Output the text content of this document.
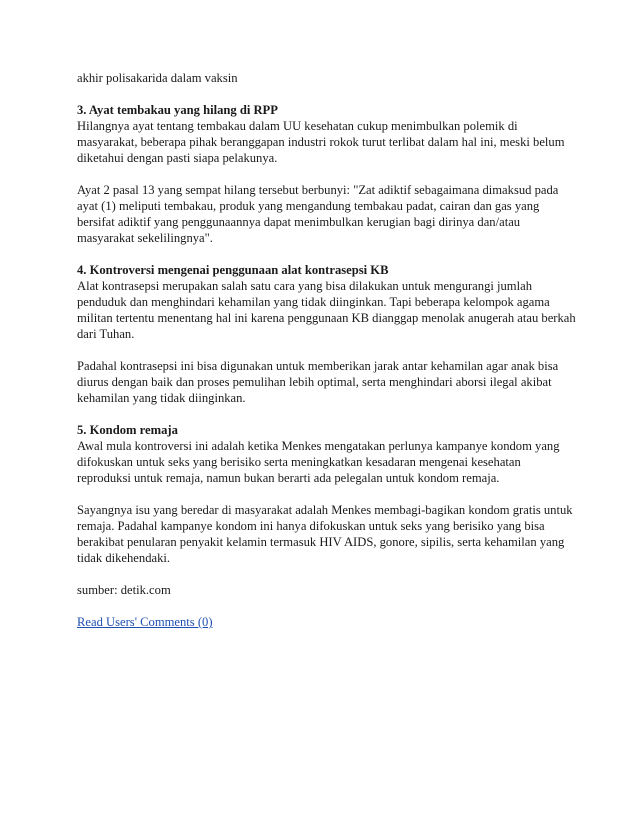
akhir polisakarida dalam vaksin

3. Ayat tembakau yang hilang di RPP
Hilangnya ayat tentang tembakau dalam UU kesehatan cukup menimbulkan polemik di masyarakat, beberapa pihak beranggapan industri rokok turut terlibat dalam hal ini, meski belum diketahui dengan pasti siapa pelakunya.

Ayat 2 pasal 13 yang sempat hilang tersebut berbunyi: "Zat adiktif sebagaimana dimaksud pada ayat (1) meliputi tembakau, produk yang mengandung tembakau padat, cairan dan gas yang bersifat adiktif yang penggunaannya dapat menimbulkan kerugian bagi dirinya dan/atau masyarakat sekelilingnya".

4. Kontroversi mengenai penggunaan alat kontrasepsi KB
Alat kontrasepsi merupakan salah satu cara yang bisa dilakukan untuk mengurangi jumlah penduduk dan menghindari kehamilan yang tidak diinginkan. Tapi beberapa kelompok agama militan tertentu menentang hal ini karena penggunaan KB dianggap menolak anugerah atau berkah dari Tuhan.

Padahal kontrasepsi ini bisa digunakan untuk memberikan jarak antar kehamilan agar anak bisa diurus dengan baik dan proses pemulihan lebih optimal, serta menghindari aborsi ilegal akibat kehamilan yang tidak diinginkan.

5. Kondom remaja
Awal mula kontroversi ini adalah ketika Menkes mengatakan perlunya kampanye kondom yang difokuskan untuk seks yang berisiko serta meningkatkan kesadaran mengenai kesehatan reproduksi untuk remaja, namun bukan berarti ada pelegalan untuk kondom remaja.

Sayangnya isu yang beredar di masyarakat adalah Menkes membagi-bagikan kondom gratis untuk remaja. Padahal kampanye kondom ini hanya difokuskan untuk seks yang berisiko yang bisa berakibat penularan penyakit kelamin termasuk HIV AIDS, gonore, sipilis, serta kehamilan yang tidak dikehendaki.

sumber: detik.com

Read Users' Comments (0)
